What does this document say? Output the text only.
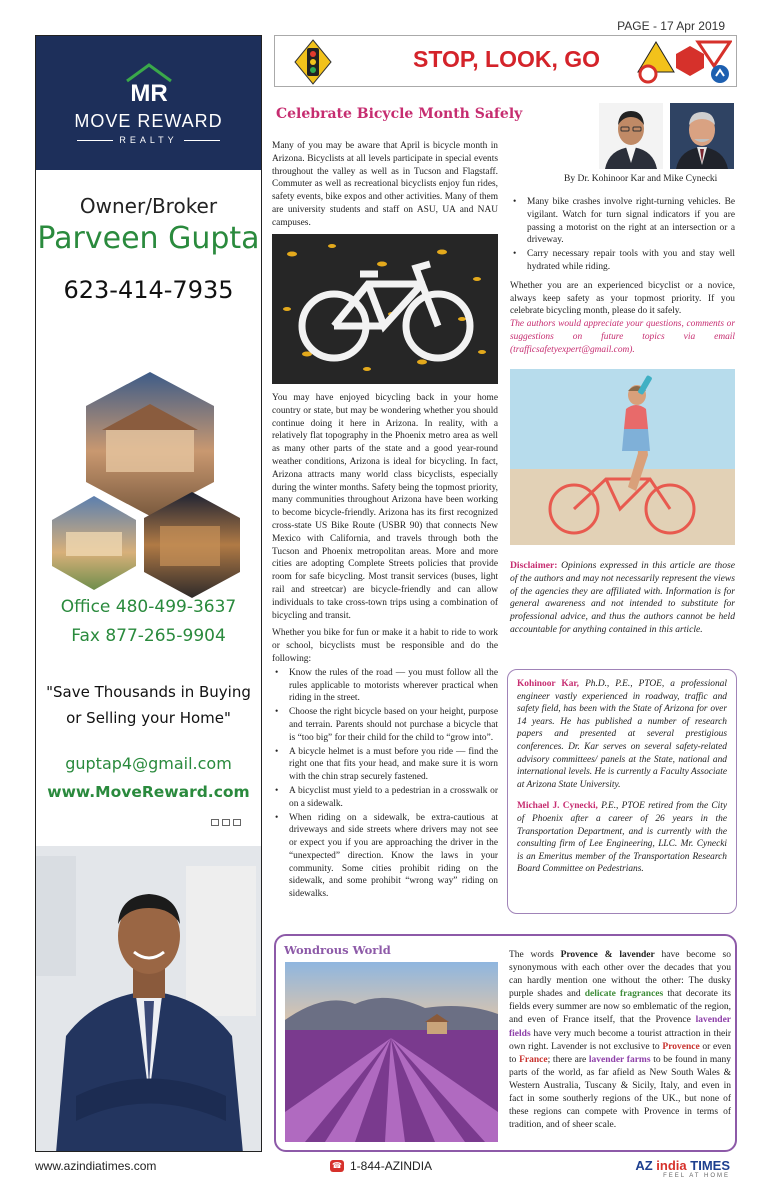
MR
MOVE REWARD
REALTY
Owner/Broker
Parveen Gupta
623-414-7935
Office 480-499-3637
Fax 877-265-9904
"Save Thousands in Buying or Selling your Home"
guptap4@gmail.com
www.MoveReward.com
PAGE - 17 Apr 2019
STOP, LOOK, GO
Celebrate Bicycle Month Safely

Many of you may be aware that April is bicycle month in Arizona. Bicyclists at all levels participate in special events throughout the valley as well as in Tucson and Flagstaff. Commuter as well as recreational bicyclists enjoy fun rides, safety events, bike expos and other activities. Many of them are university students and staff on ASU, UA and NAU campuses.

You may have enjoyed bicycling back in your home country or state, but may be wondering whether you should continue doing it here in Arizona. In reality, with a relatively flat topography in the Phoenix metro area as well as many other parts of the state and a good year-round weather conditions, Arizona is ideal for bicycling. In fact, Arizona attracts many world class bicyclists, especially during the winter months. Safety being the topmost priority, many communities throughout Arizona have been working to become bicycle-friendly. Arizona has its first recognized cross-state US Bike Route (USBR 90) that connects New Mexico with California, and travels through both the Tucson and Phoenix metropolitan areas. More and more cities are adopting Complete Streets policies that provide room for safe bicycling. Most transit services (buses, light rail and streetcar) are bicycle-friendly and can allow individuals to take cross-town trips using a combination of bicycling and transit.

Whether you bike for fun or make it a habit to ride to work or school, bicyclists must be responsible and do the following:

• Know the rules of the road — you must follow all the rules applicable to motorists wherever practical when riding in the street.
• Choose the right bicycle based on your height, purpose and terrain. Parents should not purchase a bicycle that is “too big” for their child for the child to “grow into”.
• A bicycle helmet is a must before you ride — find the right one that fits your head, and make sure it is worn with the chin strap securely fastened.
• A bicyclist must yield to a pedestrian in a crosswalk or on a sidewalk.
• When riding on a sidewalk, be extra-cautious at driveways and side streets where drivers may not see or expect you if you are approaching the driver in the “unexpected” direction. Know the laws in your community. Some cities prohibit riding on the sidewalk, and some prohibit “wrong way” riding on sidewalks.
By Dr. Kohinoor Kar and Mike Cynecki
• Many bike crashes involve right-turning vehicles. Be vigilant. Watch for turn signal indicators if you are passing a motorist on the right at an intersection or a driveway.
• Carry necessary repair tools with you and stay well hydrated while riding.

Whether you are an experienced bicyclist or a novice, always keep safety as your topmost priority. If you celebrate bicycling month, please do it safely.

The authors would appreciate your questions, comments or suggestions on future topics via email (trafficsafetyexpert@gmail.com).

Disclaimer: Opinions expressed in this article are those of the authors and may not necessarily represent the views of the agencies they are affiliated with. Information is for general awareness and not intended to substitute for professional advice, and thus the authors cannot be held accountable for anything contained in this article.

Kohinoor Kar, Ph.D., P.E., PTOE, a professional engineer vastly experienced in roadway, traffic and safety field, has been with the State of Arizona for over 14 years. He has published a number of research papers and presented at several prestigious conferences. Dr. Kar serves on several safety-related advisory committees/ panels at the State, national and international levels. He is currently a Faculty Associate at Arizona State University.

Michael J. Cynecki, P.E., PTOE retired from the City of Phoenix after a career of 26 years in the Transportation Department, and is currently with the consulting firm of Lee Engineering, LLC. Mr. Cynecki is an Emeritus member of the Transportation Research Board Committee on Pedestrians.

Wondrous World	The words Provence & lavender have become so synonymous with each other over the decades that you can hardly mention one without the other: The dusky purple shades and delicate fragrances that decorate its fields every summer are now so emblematic of the region, and even of France itself, that the Provence lavender fields have very much become a tourist attraction in their own right. Lavender is not exclusive to Provence or even to France; there are lavender farms to be found in many parts of the world, as far afield as New South Wales & Western Australia, Tuscany & Sicily, Italy, and even in fact in some southerly regions of the UK., but none of these regions can compete with Provence in terms of tradition, and of sheer scale.
www.azindiatimes.com	☎ 1-844-AZINDIA	AZ india TIMES
FEEL AT HOME
